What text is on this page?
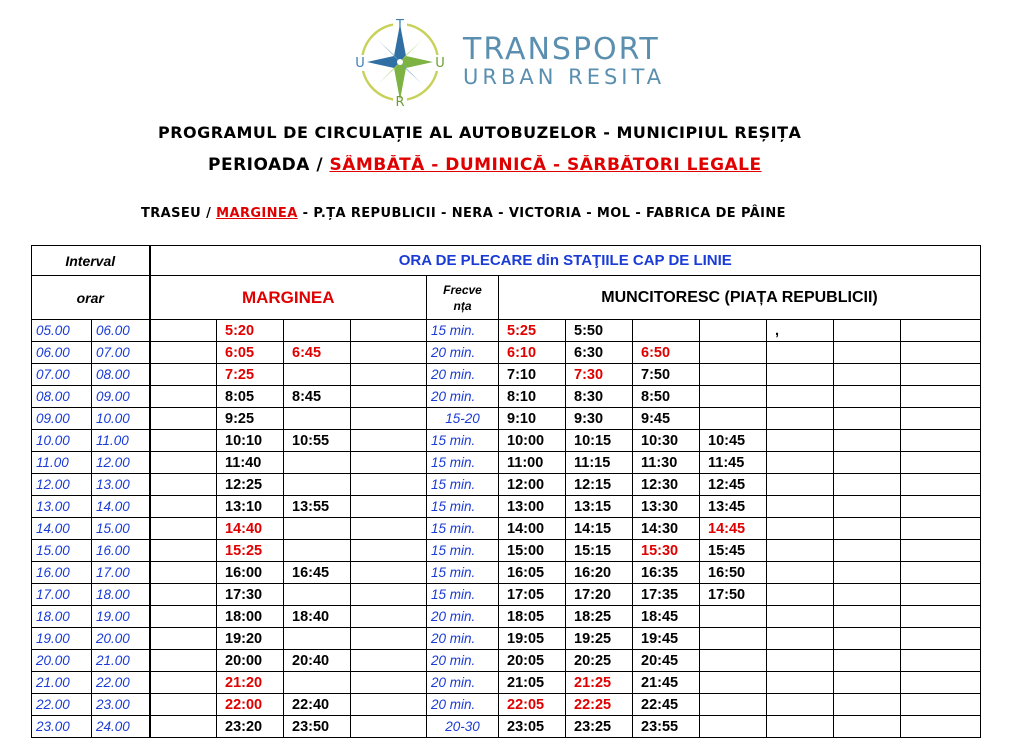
T
U	U
R
TRANSPORT
URBAN RESITA
PROGRAMUL DE CIRCULAȚIE AL AUTOBUZELOR - MUNICIPIUL REȘIȚA
PERIOADA / SÂMBĂTĂ - DUMINICĂ - SĂRBĂTORI LEGALE
TRASEU / MARGINEA - P.ȚA REPUBLICII - NERA - VICTORIA - MOL - FABRICA DE PÂINE
Interval		ORA DE PLECARE din STAŢIILE CAP DE LINIE											
orar		MARGINEA				Frecve
nța	MUNCITORESC (PIAȚA REPUBLICII)						
05.00	06.00		5:20			15 min.	5:25	5:50			,		
06.00	07.00		6:05	6:45		20 min.	6:10	6:30	6:50				
07.00	08.00		7:25			20 min.	7:10	7:30	7:50				
08.00	09.00		8:05	8:45		20 min.	8:10	8:30	8:50				
09.00	10.00		9:25			15-20	9:10	9:30	9:45				
10.00	11.00		10:10	10:55		15 min.	10:00	10:15	10:30	10:45			
11.00	12.00		11:40			15 min.	11:00	11:15	11:30	11:45			
12.00	13.00		12:25			15 min.	12:00	12:15	12:30	12:45			
13.00	14.00		13:10	13:55		15 min.	13:00	13:15	13:30	13:45			
14.00	15.00		14:40			15 min.	14:00	14:15	14:30	14:45			
15.00	16.00		15:25			15 min.	15:00	15:15	15:30	15:45			
16.00	17.00		16:00	16:45		15 min.	16:05	16:20	16:35	16:50			
17.00	18.00		17:30			15 min.	17:05	17:20	17:35	17:50			
18.00	19.00		18:00	18:40		20 min.	18:05	18:25	18:45				
19.00	20.00		19:20			20 min.	19:05	19:25	19:45				
20.00	21.00		20:00	20:40		20 min.	20:05	20:25	20:45				
21.00	22.00		21:20			20 min.	21:05	21:25	21:45				
22.00	23.00		22:00	22:40		20 min.	22:05	22:25	22:45				
23.00	24.00		23:20	23:50		20-30	23:05	23:25	23:55				
